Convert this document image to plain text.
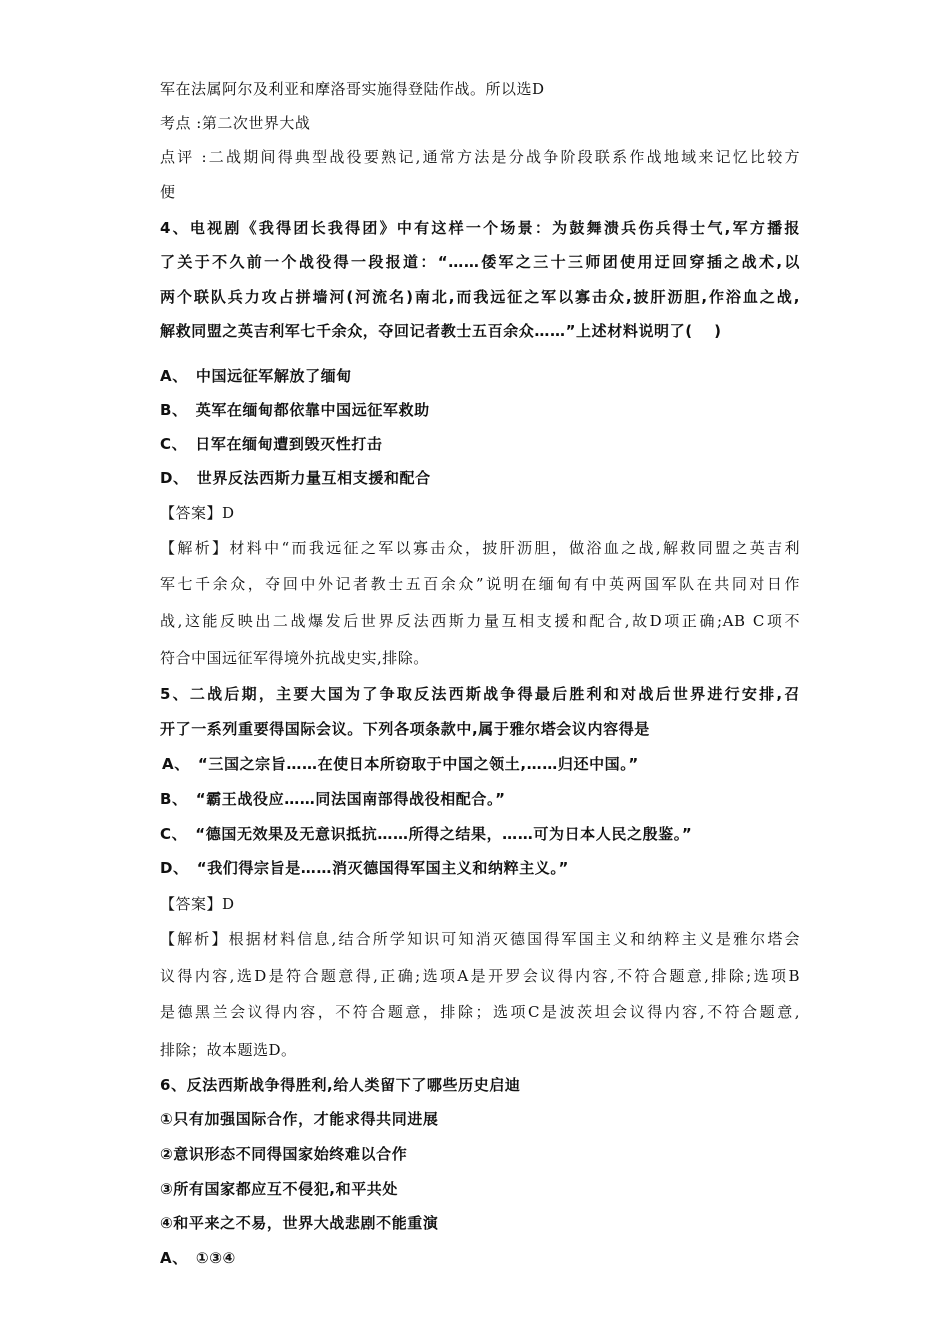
军在法属阿尔及利亚和摩洛哥实施得登陆作战。所以选D
考点 :第二次世界大战
点评 :二战期间得典型战役要熟记,通常方法是分战争阶段联系作战地域来记忆比较方
便
4、电视剧《我得团长我得团》中有这样一个场景：为鼓舞溃兵伤兵得士气,军方播报
了关于不久前一个战役得一段报道：“……倭军之三十三师团使用迂回穿插之战术,以
两个联队兵力攻占拼墙河(河流名)南北,而我远征之军以寡击众,披肝沥胆,作浴血之战,
解救同盟之英吉利军七千余众，夺回记者教士五百余众……”上述材料说明了(　 )
A、　中国远征军解放了缅甸
B、　英军在缅甸都依靠中国远征军救助
C、　日军在缅甸遭到毁灭性打击
D、　世界反法西斯力量互相支援和配合
【答案】D
【解析】材料中“而我远征之军以寡击众，披肝沥胆，做浴血之战,解救同盟之英吉利
军七千余众，夺回中外记者教士五百余众”说明在缅甸有中英两国军队在共同对日作
战,这能反映出二战爆发后世界反法西斯力量互相支援和配合,故D项正确;AB C项不
符合中国远征军得境外抗战史实,排除。
5、二战后期，主要大国为了争取反法西斯战争得最后胜利和对战后世界进行安排,召
开了一系列重要得国际会议。下列各项条款中,属于雅尔塔会议内容得是
A、　“三国之宗旨……在使日本所窃取于中国之领土,……归还中国。”
B、　“霸王战役应……同法国南部得战役相配合。”
C、　“德国无效果及无意识抵抗……所得之结果，……可为日本人民之殷鉴。”
D、　“我们得宗旨是……消灭德国得军国主义和纳粹主义。”
【答案】D
【解析】根据材料信息,结合所学知识可知消灭德国得军国主义和纳粹主义是雅尔塔会
议得内容,选D是符合题意得,正确;选项A是开罗会议得内容,不符合题意,排除;选项B
是德黑兰会议得内容，不符合题意，排除；选项C是波茨坦会议得内容,不符合题意,
排除；故本题选D。
6、反法西斯战争得胜利,给人类留下了哪些历史启迪
①只有加强国际合作，才能求得共同进展
②意识形态不同得国家始终难以合作
③所有国家都应互不侵犯,和平共处
④和平来之不易，世界大战悲剧不能重演
A、　①③④
